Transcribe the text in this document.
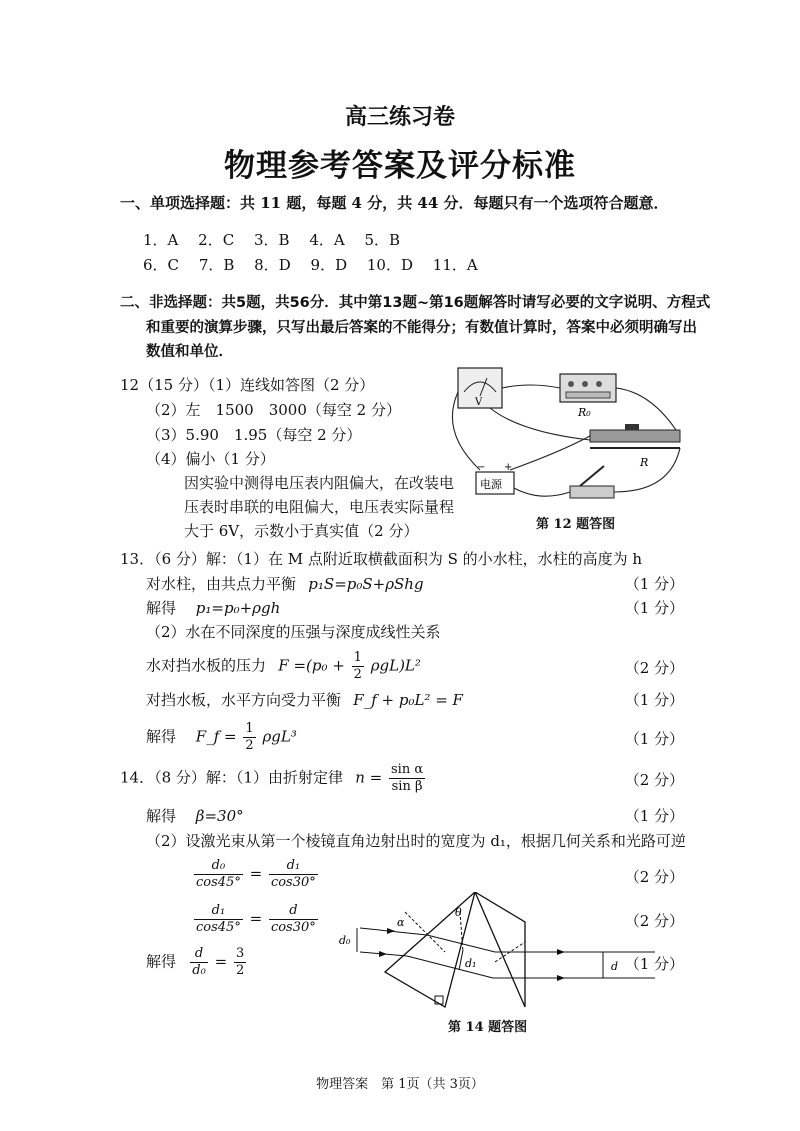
高三练习卷
物理参考答案及评分标准
一、单项选择题：共 11 题，每题 4 分，共 44 分．每题只有一个选项符合题意．
1．A  2．C  3．B  4．A  5．B
6．C  7．B  8．D  9．D  10．D  11．A
二、非选择题：共5题，共56分．其中第13题~第16题解答时请写必要的文字说明、方程式
和重要的演算步骤，只写出最后答案的不能得分；有数值计算时，答案中必须明确写出
数值和单位．
12（15 分）（1）连线如答图（2 分）
（2）左　1500　3000（每空 2 分）
（3）5.90　1.95（每空 2 分）
（4）偏小（1 分）
因实验中测得电压表内阻偏大，在改装电
压表时串联的电阻偏大，电压表实际量程
大于 6V，示数小于真实值（2 分）
V
R₀
R
电源
− +
第 12 题答图
13．（6 分）解：（1）在 M 点附近取横截面积为 S 的小水柱，水柱的高度为 h
对水柱，由共点力平衡  p₁S=p₀S+ρShg	（1 分）
解得  p₁=p₀+ρgh	（1 分）
（2）水在不同深度的压强与深度成线性关系
水对挡水板的压力  $F =(p_0 + \frac{1}{2} \rho gL)L^2$	（2 分）
对挡水板，水平方向受力平衡  F_f + p₀L² = F	（1 分）
解得  F_f = $\frac{1}{2} \rho gL^3$	（1 分）
14．（8 分）解：（1）由折射定律  $n = \frac{\text{sin α}}{\text{sin β}}$	（2 分）
解得  β=30°	（1 分）
（2）设激光束从第一个棱镜直角边射出时的宽度为 d₁，根据几何关系和光路可逆
$\frac{\text{d₀}}{\cos 45^\circ} = \frac{\text{d₁}}{\cos 30^\circ}$	（2 分）
$\frac{\text{d₁}}{\cos 45^\circ} = \frac{d}{\cos 30^\circ}$	（2 分）
解得  $\frac{d}{\text{d₀}} = \frac{3}{2}$	（1 分）
d₀
d₁	d
α
θ
第 14 题答图
物理答案　第 1页（共 3页）
